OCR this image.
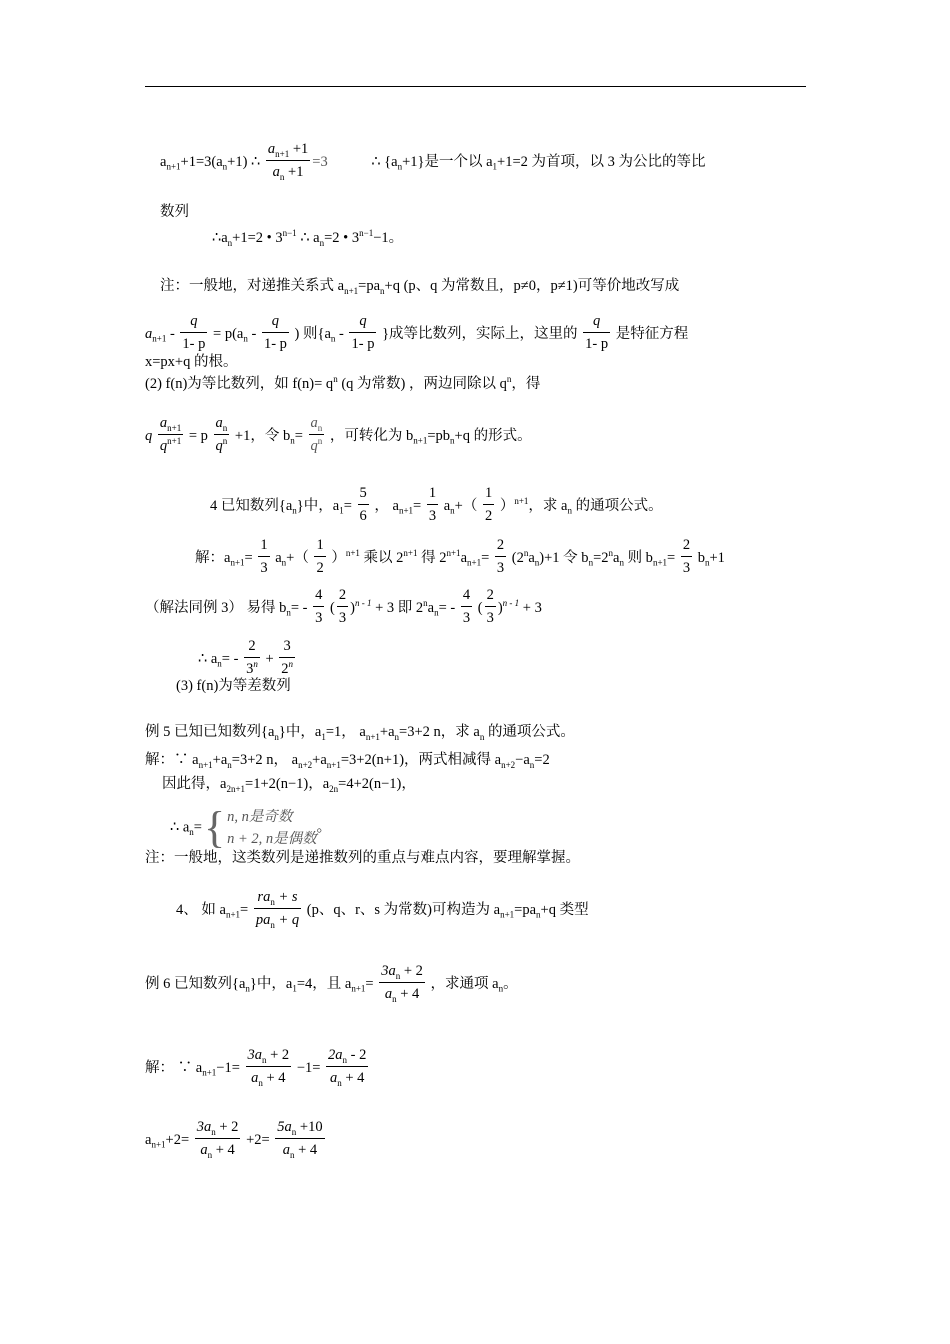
$a_{n+1}+1=3(a_n+1)$ ∴ $\frac{a_{n+1} +1}{a_n +1} =3$	∴ $\{a_n+1\}$是一个以 $a_1+1=2$ 为首项，以 3 为公比的等比
数列
$\therefore a_n+1=2$ • $3^{n-1}$ ∴ $a_n=2$ • $3^{n-1}-1$。
注：一般地，对递推关系式 $a_{n+1}=pa_n+q$ (p、q 为常数且，p≠0，p≠1)可等价地改写成
$a_{n+1} - \frac{q}{1- p} = p(a_n - \frac{q}{1- p}$ ) 则{$a_n - \frac{q}{1- p}$ }成等比数列，实际上，这里的 $\frac{q}{1- p}$ 是特征方程
x=px+q 的根。
(2) f(n)为等比数列，如 $f(n)= q^n$ (q 为常数) ，两边同除以 $q^n$，得
q $\frac{a_{n+1}}{q^{n+1}} = p \frac{a_n}{q^n} +1$，令 $b_n= \frac{a_n}{q^n}$ ，可转化为 $b_{n+1}=pb_n+q$ 的形式。
4 已知数列$\{a_n\}$中，$a_1= \frac{5}{6}$ ， $a_{n+1}= \frac{1}{3} a_n+( \frac{1}{2} )^{n+1}$，求 $a_n$ 的通项公式。
解：$a_{n+1}= \frac{1}{3} a_n+( \frac{1}{2} )^{n+1}$ 乘以 $2^{n+1}$ 得 $2^{n+1}a_{n+1}= \frac{2}{3} (2^na_n)+1$ 令 $b_n=2^na_n$ 则 $b_{n+1}= \frac{2}{3} b_n+1$
（解法同例 3） 易得 $b_n= - \frac{4}{3}$ ( $\frac{2}{3} )^{n - 1} + 3$ 即 $2^na_n= - \frac{4}{3}$ ( $\frac{2}{3} )^{n - 1} + 3$
∴ $a_n= - \frac{2}{3^n} + \frac{3}{2^n}$
(3) f(n)为等差数列
例 5 已知已知数列$\{a_n\}$中，$a_1=1$， $a_{n+1}+a_n=3+2$ n，求 $a_n$ 的通项公式。
解：∵ $a_{n+1}+a_n=3+2$ n， $a_{n+2}+a_{n+1}=3+2(n+1)$，两式相减得 $a_{n+2}-a_n=2$
因此得，$a_{2n+1}=1+2(n-1)$，$a_{2n}=4+2(n-1)$，
∴ $a_n=${ n, n是奇数
n + 2, n是偶数
。
注：一般地，这类数列是递推数列的重点与难点内容，要理解掌握。
4、 如 $a_{n+1}= \frac{ra_n + s}{pa_n + q} (p$、q、r、s 为常数)可构造为 $a_{n+1}=pa_n+q$ 类型
例 6 已知数列$\{a_n\}$中，$a_1=4$，且 $a_{n+1}= \frac{3a_n + 2}{a_n + 4}$ ，求通项 $a_n$。
解： ∵ $a_{n+1}-1= \frac{3a_n + 2}{a_n + 4} -1= \frac{2a_n - 2}{a_n + 4}$
$a_{n+1}+2= \frac{3a_n + 2}{a_n + 4} +2= \frac{5a_n +10}{a_n + 4}$
